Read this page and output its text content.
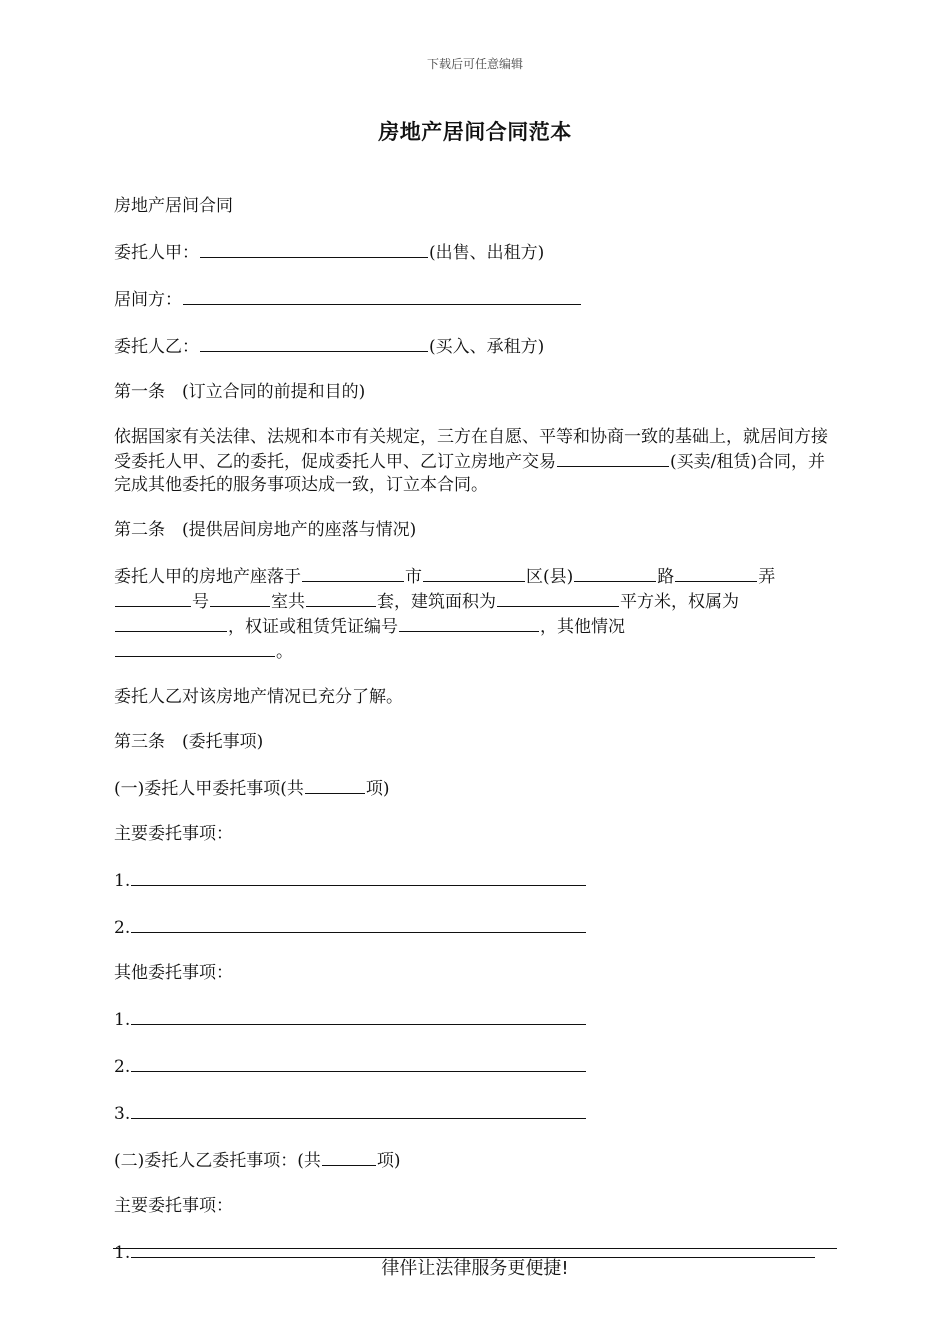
下载后可任意编辑
房地产居间合同范本

房地产居间合同

委托人甲：	(出售、出租方)

居间方：

委托人乙：	(买入、承租方)

第一条　(订立合同的前提和目的)

依据国家有关法律、法规和本市有关规定，三方在自愿、平等和协商一致的基础上，就居间方接受委托人甲、乙的委托，促成委托人甲、乙订立房地产交易	(买卖/租赁)合同，并完成其他委托的服务事项达成一致，订立本合同。

第二条　(提供居间房地产的座落与情况)

委托人甲的房地产座落于	市	区(县)	路	弄
号	室共	套，建筑面积为	平方米，权属为
，权证或租赁凭证编号	，其他情况
。

委托人乙对该房地产情况已充分了解。

第三条　(委托事项)

(一)委托人甲委托事项(共	项)

主要委托事项：

1.

2.

其他委托事项：

1.

2.

3.

(二)委托人乙委托事项：(共	项)

主要委托事项：

1.

律伴让法律服务更便捷!
